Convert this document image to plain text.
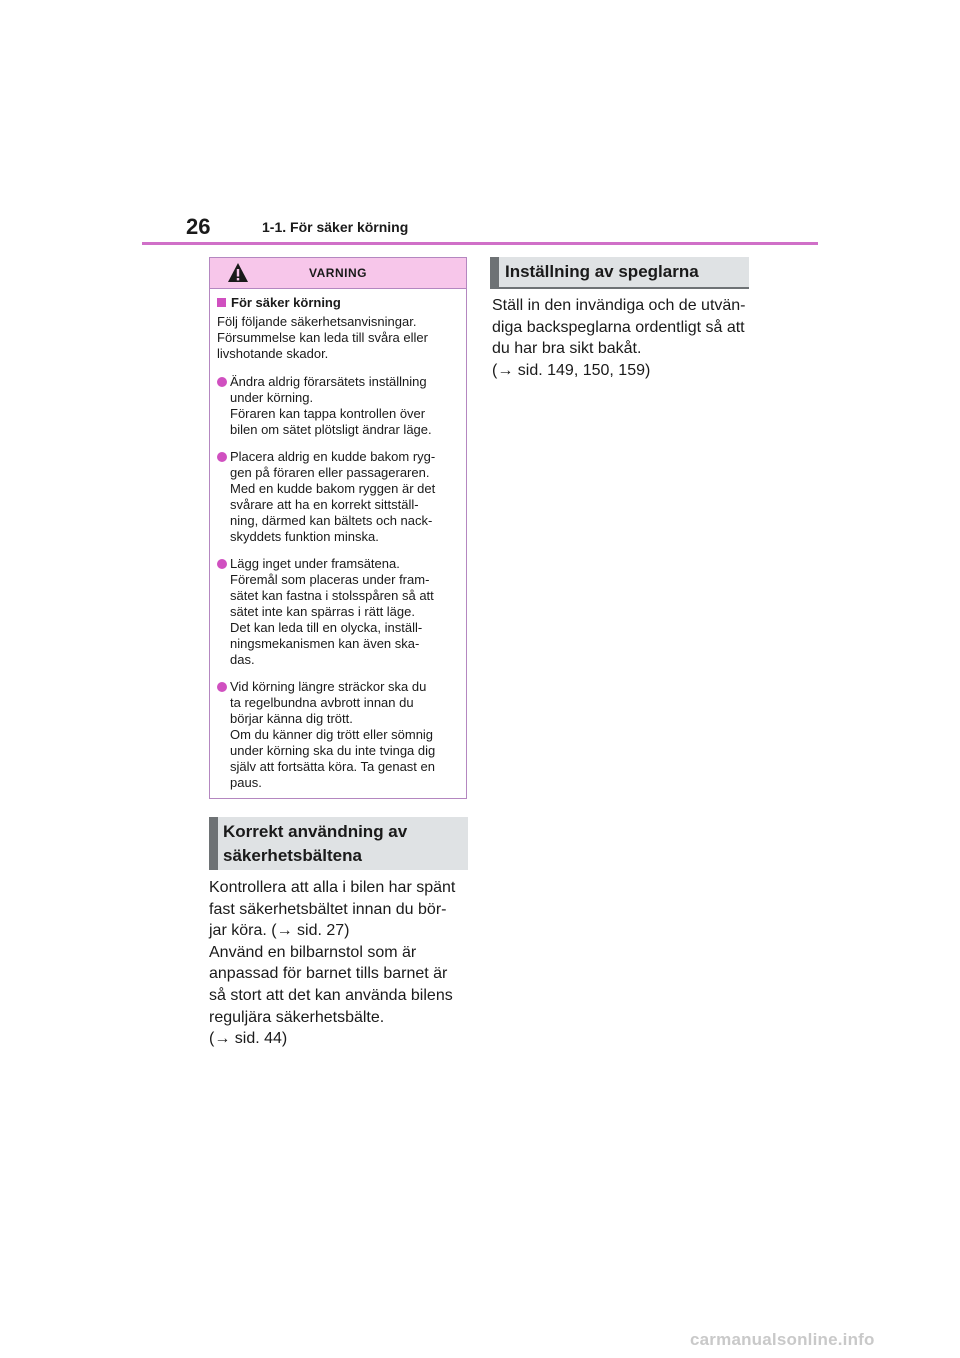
26	1-1. För säker körning
VARNING
För säker körning
Följ följande säkerhetsanvisningar. Försummelse kan leda till svåra eller livshotande skador.
Ändra aldrig förarsätets inställning
under körning.
Föraren kan tappa kontrollen över
bilen om sätet plötsligt ändrar läge.
Placera aldrig en kudde bakom ryg-
gen på föraren eller passageraren.
Med en kudde bakom ryggen är det
svårare att ha en korrekt sittställ-
ning, därmed kan bältets och nack-
skyddets funktion minska.
Lägg inget under framsätena.
Föremål som placeras under fram-
sätet kan fastna i stolsspåren så att
sätet inte kan spärras i rätt läge.
Det kan leda till en olycka, inställ-
ningsmekanismen kan även ska-
das.
Vid körning längre sträckor ska du
ta regelbundna avbrott innan du
börjar känna dig trött.
Om du känner dig trött eller sömnig
under körning ska du inte tvinga dig
själv att fortsätta köra. Ta genast en
paus.
Korrekt användning av säkerhetsbältena
Kontrollera att alla i bilen har spänt
fast säkerhetsbältet innan du bör-
jar köra. (→ sid. 27)
Använd en bilbarnstol som är
anpassad för barnet tills barnet är
så stort att det kan använda bilens
reguljära säkerhetsbälte.
(→ sid. 44)
Inställning av speglarna
Ställ in den invändiga och de utvän-
diga backspeglarna ordentligt så att
du har bra sikt bakåt.
(→ sid. 149, 150, 159)
carmanualsonline.info
